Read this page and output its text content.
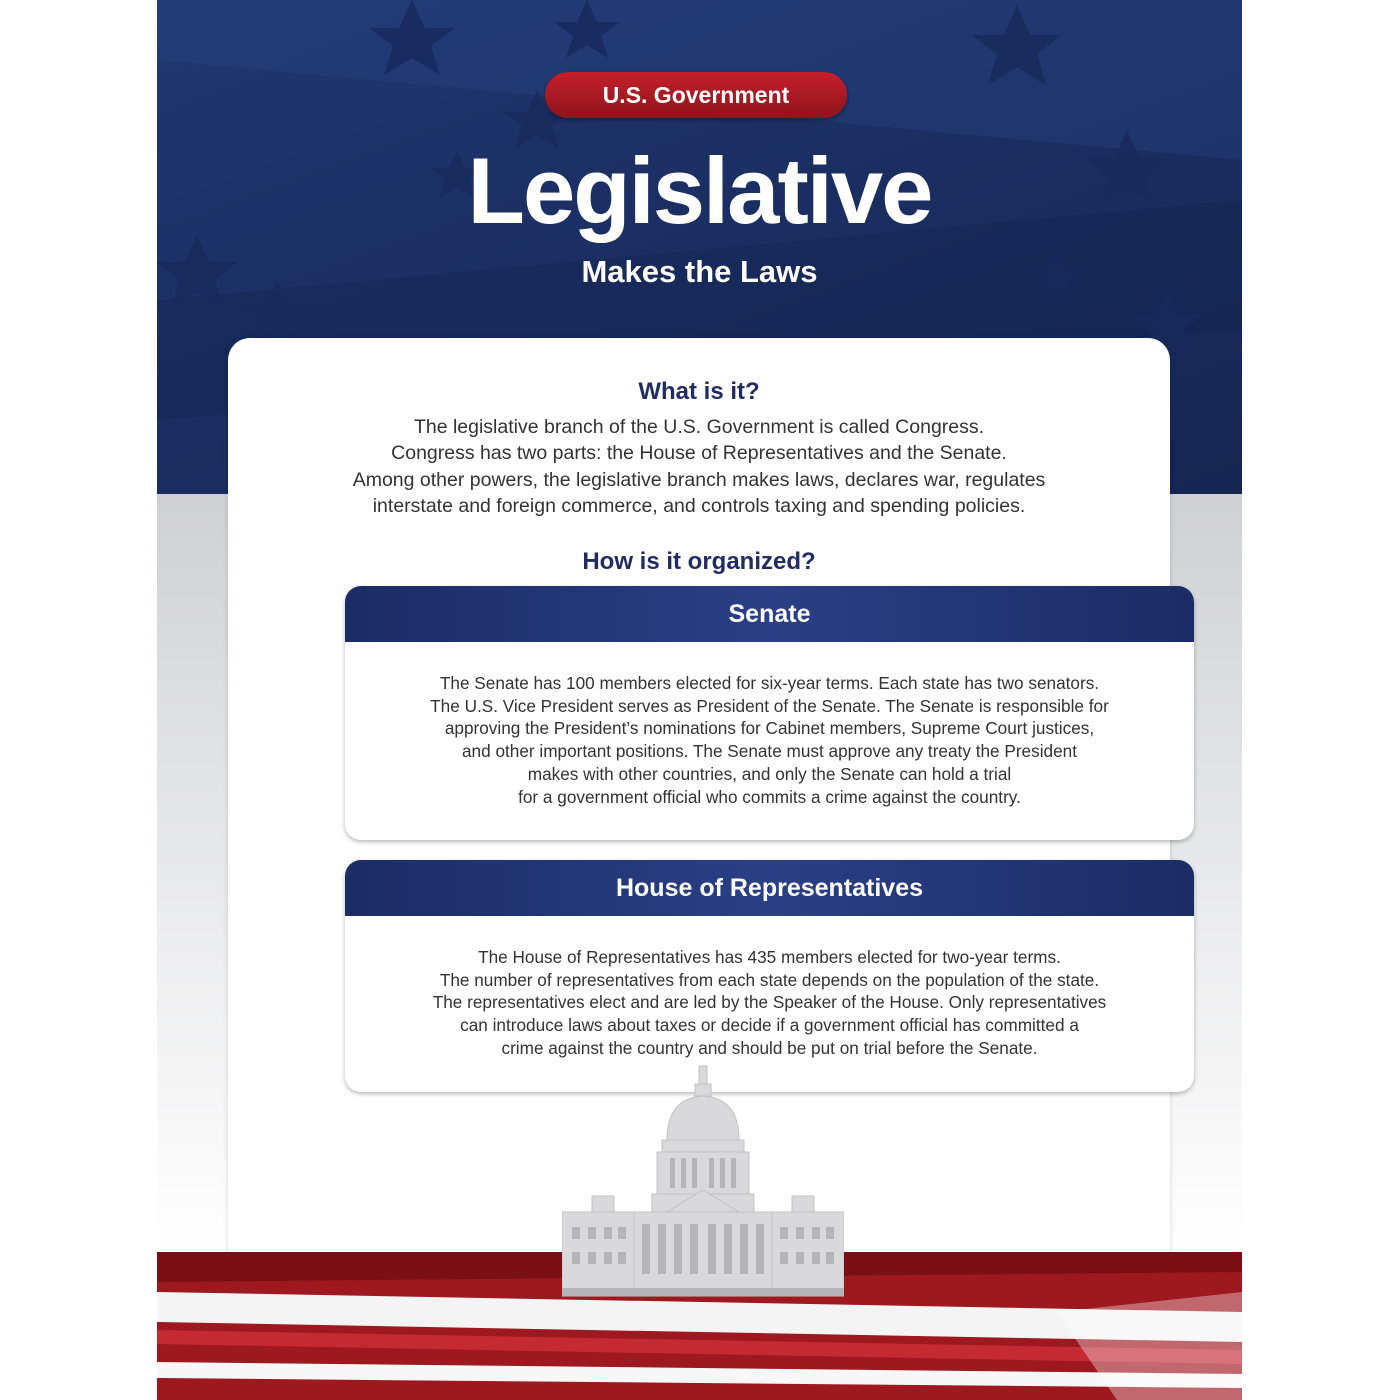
U.S. Government
Legislative
Makes the Laws
What is it?
The legislative branch of the U.S. Government is called Congress.
Congress has two parts: the House of Representatives and the Senate.
Among other powers, the legislative branch makes laws, declares war, regulates
interstate and foreign commerce, and controls taxing and spending policies.
How is it organized?
Senate
The Senate has 100 members elected for six-year terms. Each state has two senators.
The U.S. Vice President serves as President of the Senate. The Senate is responsible for
approving the President’s nominations for Cabinet members, Supreme Court justices,
and other important positions. The Senate must approve any treaty the President
makes with other countries, and only the Senate can hold a trial
for a government official who commits a crime against the country.
House of Representatives
The House of Representatives has 435 members elected for two-year terms.
The number of representatives from each state depends on the population of the state.
The representatives elect and are led by the Speaker of the House. Only representatives
can introduce laws about taxes or decide if a government official has committed a
crime against the country and should be put on trial before the Senate.
